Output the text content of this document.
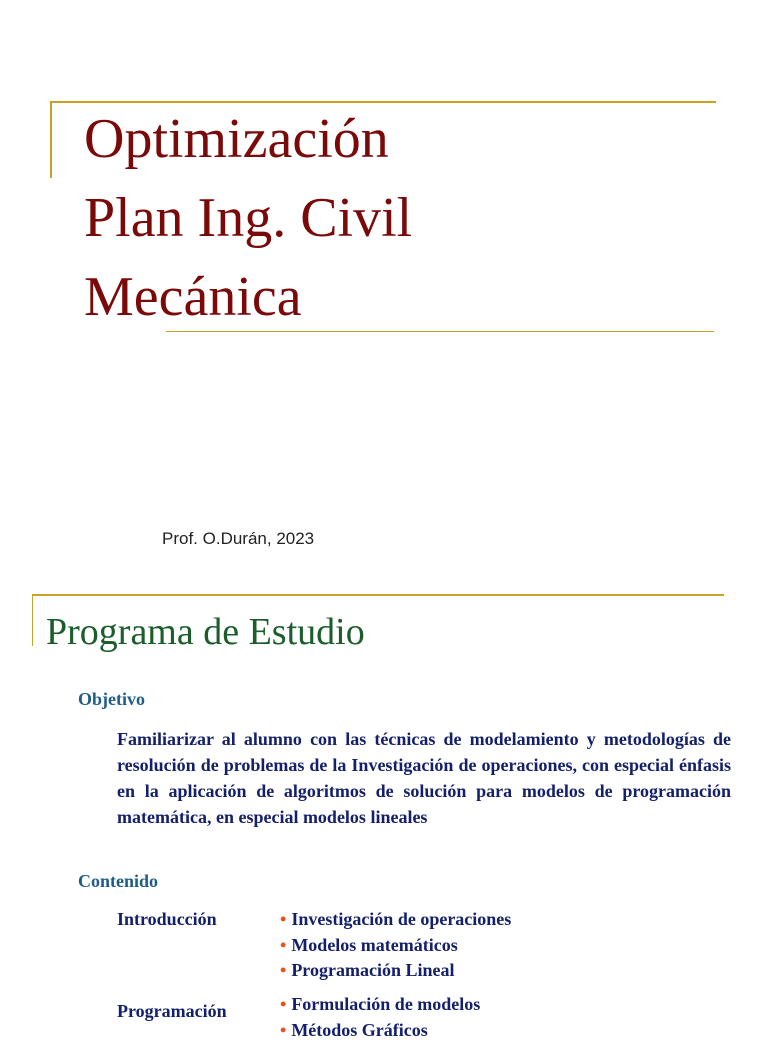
Optimización
Plan Ing. Civil
Mecánica

Prof. O.Durán, 2023

Programa de Estudio

Objetivo

Familiarizar al alumno con las técnicas de modelamiento y metodologías de resolución de problemas de la Investigación de operaciones, con especial énfasis en la aplicación de algoritmos de solución para modelos de programación matemática, en especial modelos lineales

Contenido

Introducción	• Investigación de operaciones
• Modelos matemáticos
• Programación Lineal

Programación	• Formulación de modelos
• Métodos Gráficos
